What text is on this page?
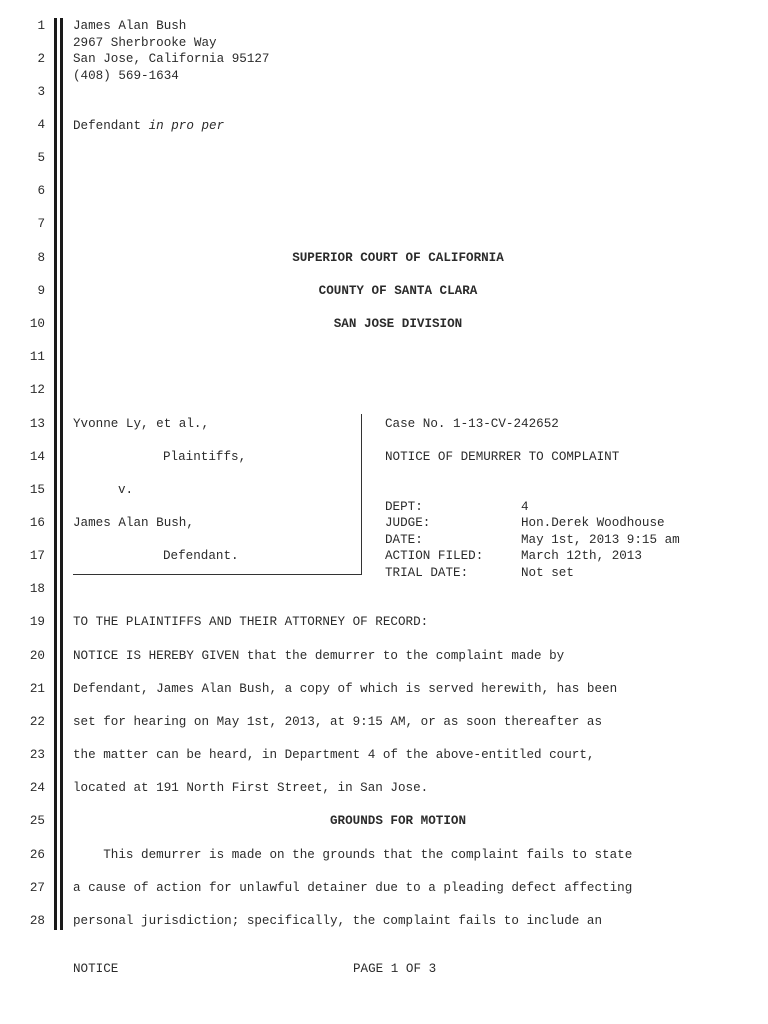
1
2
3
4
5
6
7
8
9
10
11
12
13
14
15
16
17
18
19
20
21
22
23
24
25
26
27
28
James Alan Bush
2967 Sherbrooke Way
San Jose, California 95127
(408) 569-1634
Defendant in pro per
SUPERIOR COURT OF CALIFORNIA
COUNTY OF SANTA CLARA
SAN JOSE DIVISION
Yvonne Ly, et al.,
Plaintiffs,
v.
James Alan Bush,
Defendant.
Case No. 1-13-CV-242652
NOTICE OF DEMURRER TO COMPLAINT
DEPT:	4
JUDGE:	Hon.Derek Woodhouse
DATE:	May 1st, 2013 9:15 am
ACTION FILED:	March 12th, 2013
TRIAL DATE:	Not set
TO THE PLAINTIFFS AND THEIR ATTORNEY OF RECORD:
NOTICE IS HEREBY GIVEN that the demurrer to the complaint made by
Defendant, James Alan Bush, a copy of which is served herewith, has been
set for hearing on May 1st, 2013, at 9:15 AM, or as soon thereafter as
the matter can be heard, in Department 4 of the above-entitled court,
located at 191 North First Street, in San Jose.
GROUNDS FOR MOTION
This demurrer is made on the grounds that the complaint fails to state
a cause of action for unlawful detainer due to a pleading defect affecting
personal jurisdiction; specifically, the complaint fails to include an
NOTICE	PAGE 1 OF 3
